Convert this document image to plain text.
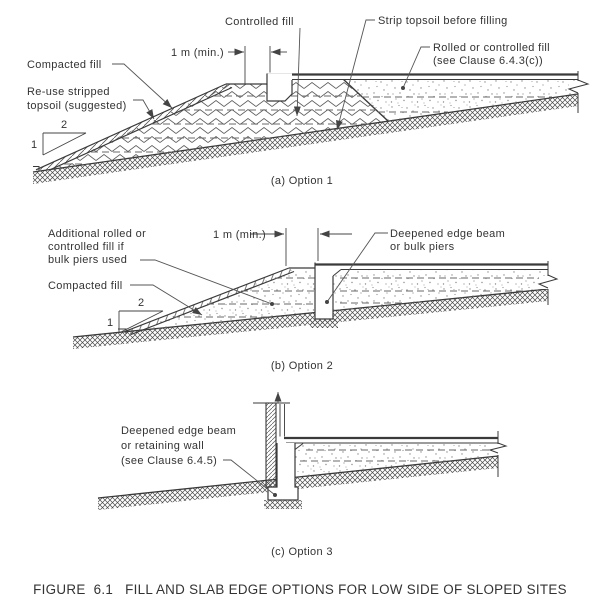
2
1
1 m (min.)
Compacted fill
Re-use stripped
topsoil (suggested)
Controlled fill	Strip topsoil before filling
Rolled or controlled fill
(see Clause 6.4.3(c))
(a) Option 1
2
1
1 m (min.)
Additional rolled or
controlled fill if
bulk piers used
Compacted fill
Deepened edge beam
or bulk piers
(b) Option 2
Deepened edge beam
or retaining wall
(see Clause 6.4.5)
(c) Option 3
FIGURE  6.1   FILL AND SLAB EDGE OPTIONS FOR LOW SIDE OF SLOPED SITES
